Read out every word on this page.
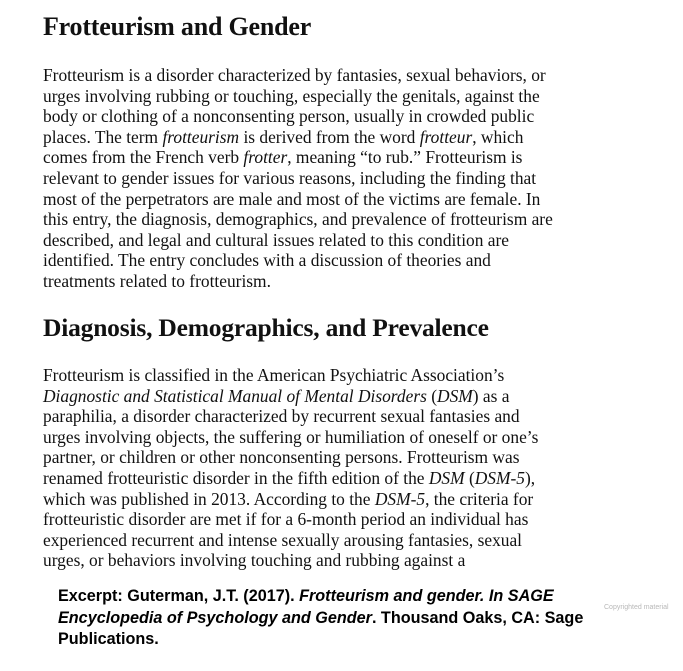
Frotteurism and Gender
Frotteurism is a disorder characterized by fantasies, sexual behaviors, or
urges involving rubbing or touching, especially the genitals, against the
body or clothing of a nonconsenting person, usually in crowded public
places. The term frotteurism is derived from the word frotteur, which
comes from the French verb frotter, meaning “to rub.” Frotteurism is
relevant to gender issues for various reasons, including the finding that
most of the perpetrators are male and most of the victims are female. In
this entry, the diagnosis, demographics, and prevalence of frotteurism are
described, and legal and cultural issues related to this condition are
identified. The entry concludes with a discussion of theories and
treatments related to frotteurism.
Diagnosis, Demographics, and Prevalence
Frotteurism is classified in the American Psychiatric Association’s
Diagnostic and Statistical Manual of Mental Disorders (DSM) as a
paraphilia, a disorder characterized by recurrent sexual fantasies and
urges involving objects, the suffering or humiliation of oneself or one’s
partner, or children or other nonconsenting persons. Frotteurism was
renamed frotteuristic disorder in the fifth edition of the DSM (DSM-5),
which was published in 2013. According to the DSM-5, the criteria for
frotteuristic disorder are met if for a 6-month period an individual has
experienced recurrent and intense sexually arousing fantasies, sexual
urges, or behaviors involving touching and rubbing against a
Copyrighted material
Excerpt: Guterman, J.T. (2017). Frotteurism and gender. In SAGE
Encyclopedia of Psychology and Gender. Thousand Oaks, CA: Sage
Publications.
